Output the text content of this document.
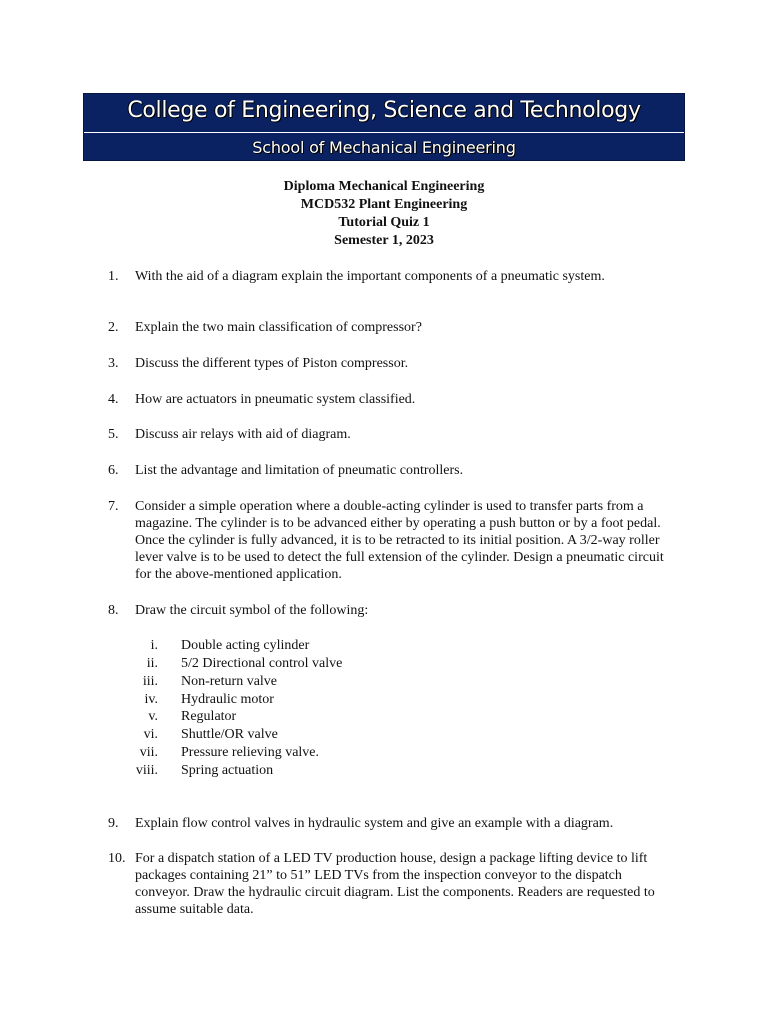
College of Engineering, Science and Technology
School of Mechanical Engineering
Diploma Mechanical Engineering
MCD532 Plant Engineering
Tutorial Quiz 1
Semester 1, 2023
1.	With the aid of a diagram explain the important components of a pneumatic system.
2.	Explain the two main classification of compressor?
3.	Discuss the different types of Piston compressor.
4.	How are actuators in pneumatic system classified.
5.	Discuss air relays with aid of diagram.
6.	List the advantage and limitation of pneumatic controllers.
7.	Consider a simple operation where a double-acting cylinder is used to transfer parts from a magazine. The cylinder is to be advanced either by operating a push button or by a foot pedal. Once the cylinder is fully advanced, it is to be retracted to its initial position. A 3/2-way roller lever valve is to be used to detect the full extension of the cylinder. Design a pneumatic circuit for the above-mentioned application.
8.	Draw the circuit symbol of the following:
i. Double acting cylinder
ii. 5/2 Directional control valve
iii. Non-return valve
iv. Hydraulic motor
v. Regulator
vi. Shuttle/OR valve
vii. Pressure relieving valve.
viii. Spring actuation
9.	Explain flow control valves in hydraulic system and give an example with a diagram.
10. For a dispatch station of a LED TV production house, design a package lifting device to lift packages containing 21” to 51” LED TVs from the inspection conveyor to the dispatch conveyor. Draw the hydraulic circuit diagram. List the components. Readers are requested to assume suitable data.
